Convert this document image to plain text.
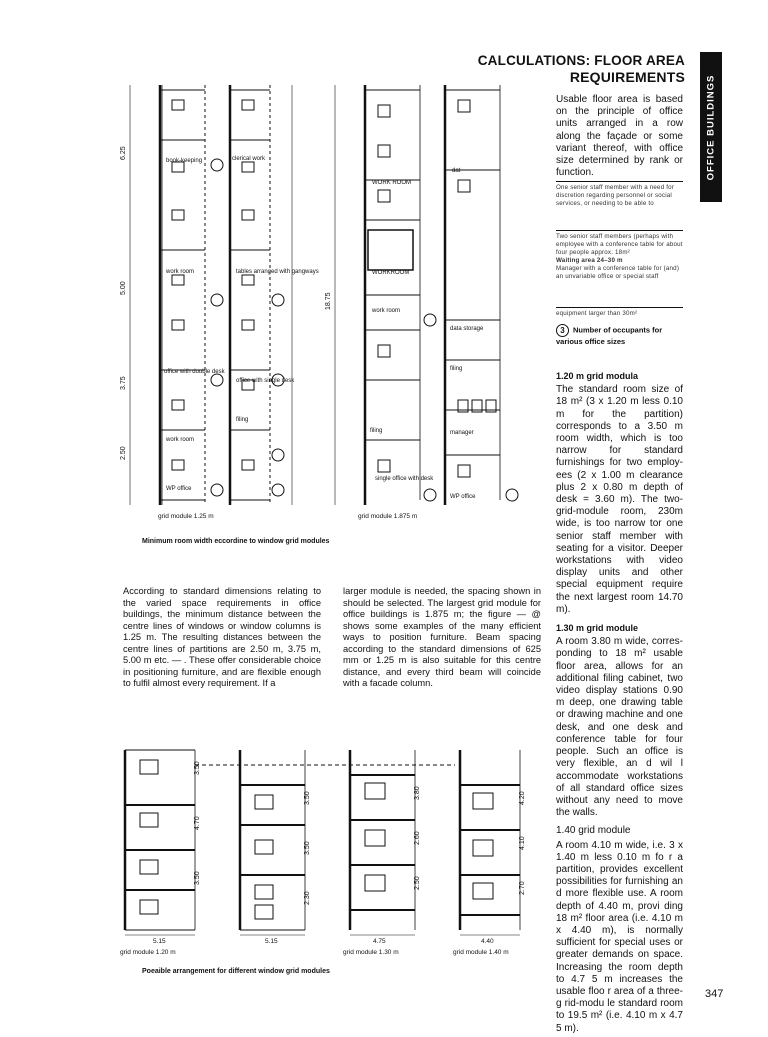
CALCULATIONS: FLOOR AREA
REQUIREMENTS OFFICE BUILDINGS

Usable floor area is based on the principle of office units arranged in a row along the façade or some variant thereof, with office size determined by rank or function.

One senior staff member with a need for discretion regarding personnel or social services, or needing to be able to
Two senior staff members (perhaps with
employee with a conference table for about four people approx. 18m²
Waiting area 24–30 m
Manager with a conference table for (and) an unvariable office or special staff
equipment larger than 30m²
3 Number of occupants for various office sizes

1.20 m grid modula

The standard room size of 18 m² (3 x 1.20 m less 0.10 m for the partition) corresponds to a 3.50 m room width, which is too narrow for standard furnishings for two employ- ees (2 x 1.00 m clearance plus 2 x 0.80 m depth of desk = 3.60 m). The two-grid-module room, 230m wide, is too narrow tor one senior staff member with seating for a visitor. Deeper workstations with video display units and other special equipment require the next largest room 14.70 m).

1.30 m grid module

A room 3.80 m wide, corres- ponding to 18 m² usable floor area, allows for an additional filing cabinet, two video display stations 0.90 m deep, one drawing table or drawing machine and one desk, and one desk and conference table for four people. Such an office is very flexible, an d wil l accommodate workstations of all standard office sizes without any need to move the walls.

1.40 grid module

A room 4.10 m wide, i.e. 3 x 1.40 m less 0.10 m fo r a partition, provides excellent possibilities for furnishing an d more flexible use. A room depth of 4.40 m, provi ding 18 m² floor area (i.e. 4.10 m x 4.40 m), is normally sufficient for special uses or greater demands on space. Increasing the room depth to 4.7 5 m increases the usable floo r area of a three-g rid-modu le standard room to 19.5 m² (i.e. 4.10 m x 4.7 5 m).

6.25
5.00
3.75
2.50
18.75
book-keeping	clerical work
work room	tables arranged with gangways
office with double desk
office with single desk
work room
filing
WP office
WORK ROOM
WORKROOM
work room
data storage
filing
filing	manager
single office with desk
WP office
dat
grid module 1.25 m	grid module 1.875 m
Minimum room width eccordine to window grid modules
According to standard dimensions relating to the varied space requirements in office buildings, the minimum distance between the centre lines of windows or window columns is 1.25 m. The resulting distances between the centre lines of partitions are 2.50 m, 3.75 m, 5.00 m etc. — . These offer considerable choice in positioning furniture, and are flexible enough to fulfil almost every requirement. If a
larger module is needed, the spacing shown in should be selected. The largest grid module for office buildings is 1.875 m; the figure — @ shows some examples of the many efficient ways to position furniture. Beam spacing according to the standard dimensions of 625 mm or 1.25 m is also suitable for this centre distance, and every third beam will coincide with a facade column.
3.50
4.70
3.50
3.50
3.50
2.30
3.80
2.60
2.50
4.20
4.10
2.70
5.15	5.15	4.75	4.40
grid module 1.20 m	grid module 1.30 m	grid module 1.40 m
Poeaible arrangement for different window grid modules
347
